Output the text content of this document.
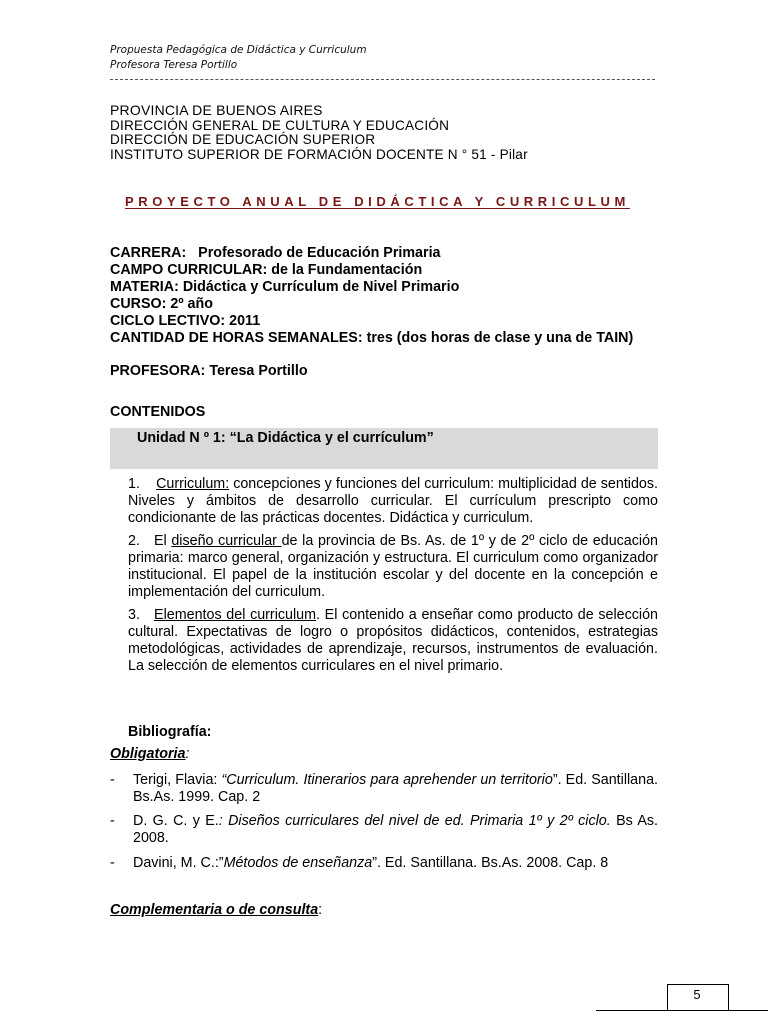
Propuesta Pedagógica de Didáctica y Curriculum
Profesora Teresa Portillo
PROVINCIA DE BUENOS AIRES
DIRECCIÓN GENERAL DE CULTURA Y EDUCACIÓN
DIRECCIÓN DE EDUCACIÓN SUPERIOR
INSTITUTO SUPERIOR DE FORMACIÓN DOCENTE N ° 51 - Pilar
PROYECTO ANUAL DE DIDÁCTICA Y CURRICULUM
CARRERA: Profesorado de Educación Primaria
CAMPO CURRICULAR: de la Fundamentación
MATERIA: Didáctica y Currículum de Nivel Primario
CURSO: 2º año
CICLO LECTIVO: 2011
CANTIDAD DE HORAS SEMANALES: tres (dos horas de clase y una de TAIN)
PROFESORA: Teresa Portillo
CONTENIDOS
Unidad N º 1: “La Didáctica y el currículum”
1. Curriculum: concepciones y funciones del curriculum: multiplicidad de sentidos. Niveles y ámbitos de desarrollo curricular. El currículum prescripto como condicionante de las prácticas docentes. Didáctica y curriculum.
2. El diseño curricular de la provincia de Bs. As. de 1º y de 2º ciclo de educación primaria: marco general, organización y estructura. El curriculum como organizador institucional. El papel de la institución escolar y del docente en la concepción e implementación del curriculum.
3. Elementos del curriculum. El contenido a enseñar como producto de selección cultural. Expectativas de logro o propósitos didácticos, contenidos, estrategias metodológicas, actividades de aprendizaje, recursos, instrumentos de evaluación. La selección de elementos curriculares en el nivel primario.
Bibliografía:
Obligatoria:
- Terigi, Flavia: “Curriculum. Itinerarios para aprehender un territorio”. Ed. Santillana. Bs.As. 1999. Cap. 2
- D. G. C. y E.: Diseños curriculares del nivel de ed. Primaria 1º y 2º ciclo. Bs As. 2008.
- Davini, M. C.:”Métodos de enseñanza”. Ed. Santillana. Bs.As. 2008. Cap. 8
Complementaria o de consulta:
5
